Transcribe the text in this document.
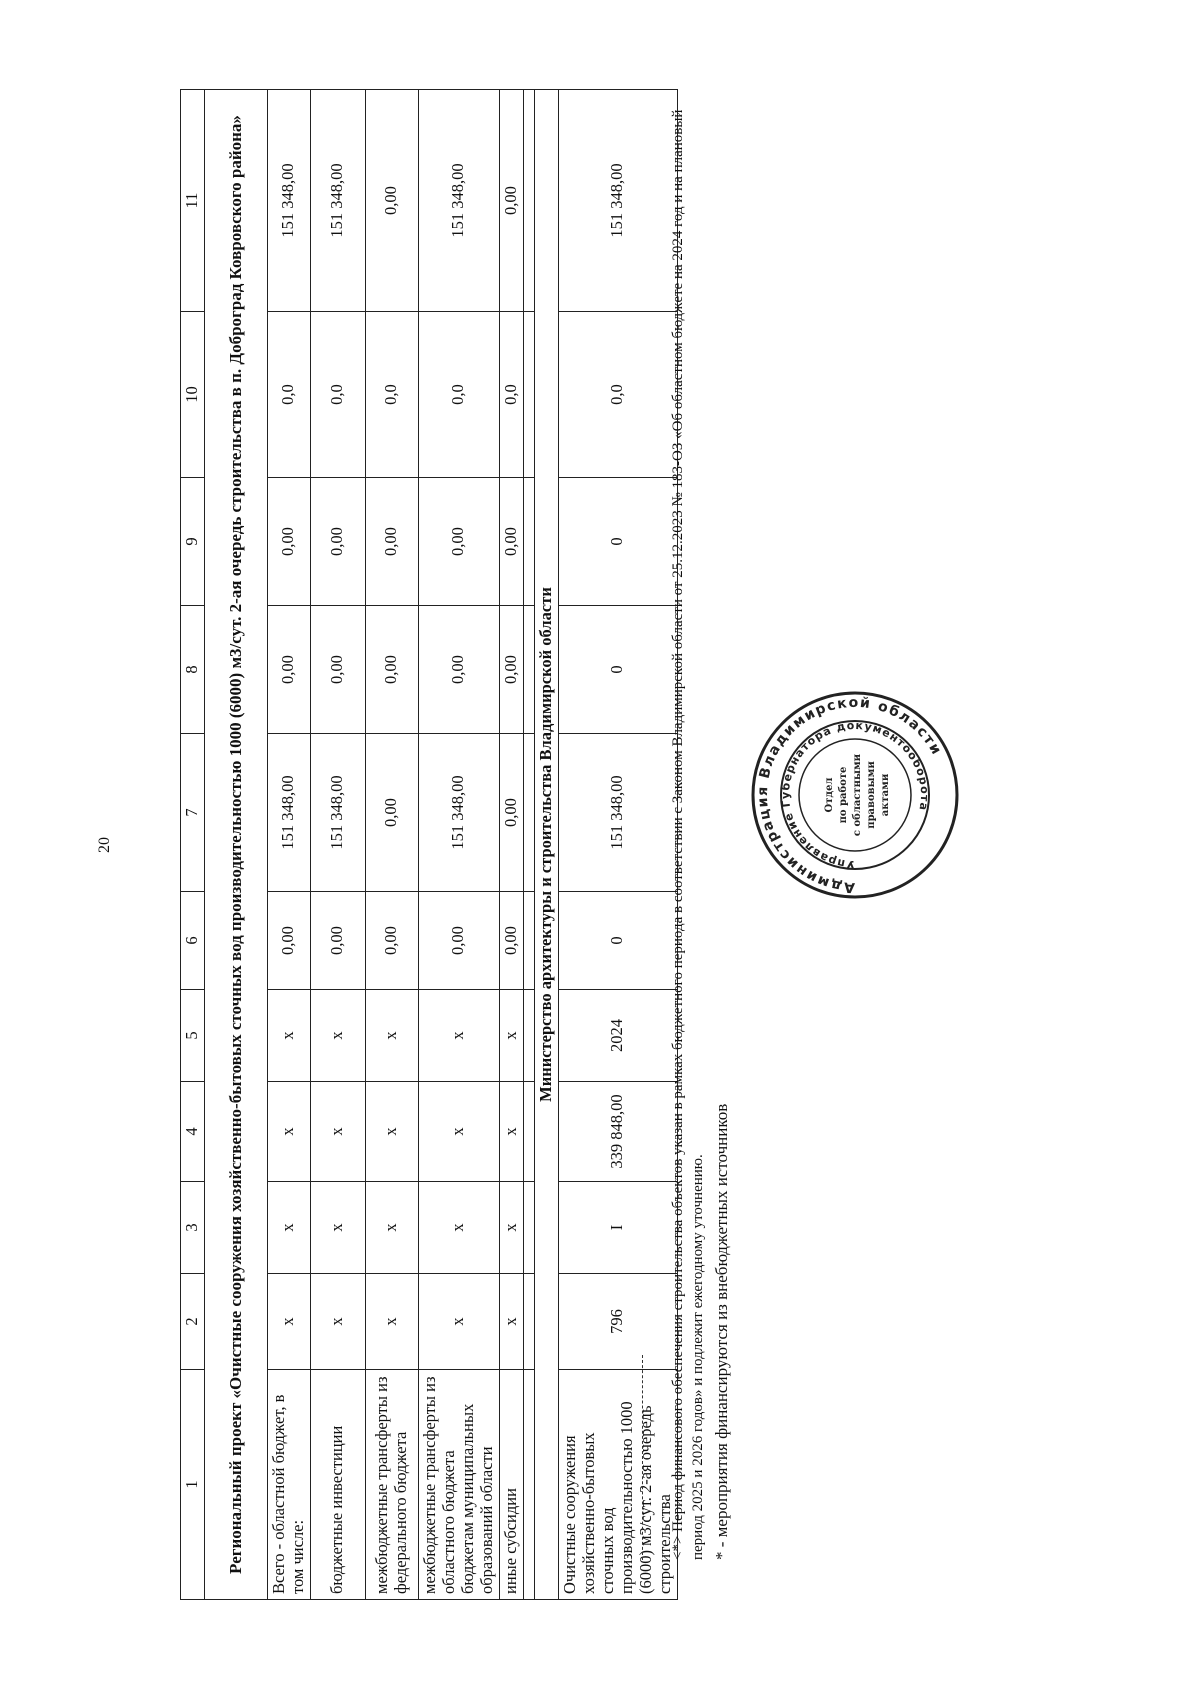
20
1	2	3	4	5	6	7	8	9	10	11
Региональный проект «Очистные сооружения хозяйственно-бытовых сточных вод производительностью 1000 (6000) м3/сут. 2-ая очередь строительства в п. Доброград Ковровского района»										
Всего - областной бюджет, в том числе:	x	x	x	x	0,00	151 348,00	0,00	0,00	0,0	151 348,00
бюджетные инвестиции	x	x	x	x	0,00	151 348,00	0,00	0,00	0,0	151 348,00
межбюджетные трансферты из федерального бюджета	x	x	x	x	0,00	0,00	0,00	0,00	0,0	0,00
межбюджетные трансферты из областного бюджета бюджетам муниципальных образований области	x	x	x	x	0,00	151 348,00	0,00	0,00	0,0	151 348,00
иные субсидии	x	x	x	x	0,00	0,00	0,00	0,00	0,0	0,00

Министерство архитектуры и строительства Владимирской области										
Очистные сооружения хозяйственно-бытовых сточных вод производительностью 1000 (6000) м3/сут. 2-ая очередь строительства	796	I	339 848,00	2024	0	151 348,00	0	0	0,0	151 348,00	<*> Период финансового обеспечения строительства объектов указан в рамках бюджетного периода в соответствии с Законом Владимирской области от 25.12.2023 № 183-ОЗ «Об областном бюджете на 2024 год и на плановый период 2025 и 2026 годов» и подлежит ежегодному уточнению. * - мероприятия финансируются из внебюджетных источников
Администрация Владимирской области
Управление Губернатора документооборота
Отдел по работе с областными правовыми актами
